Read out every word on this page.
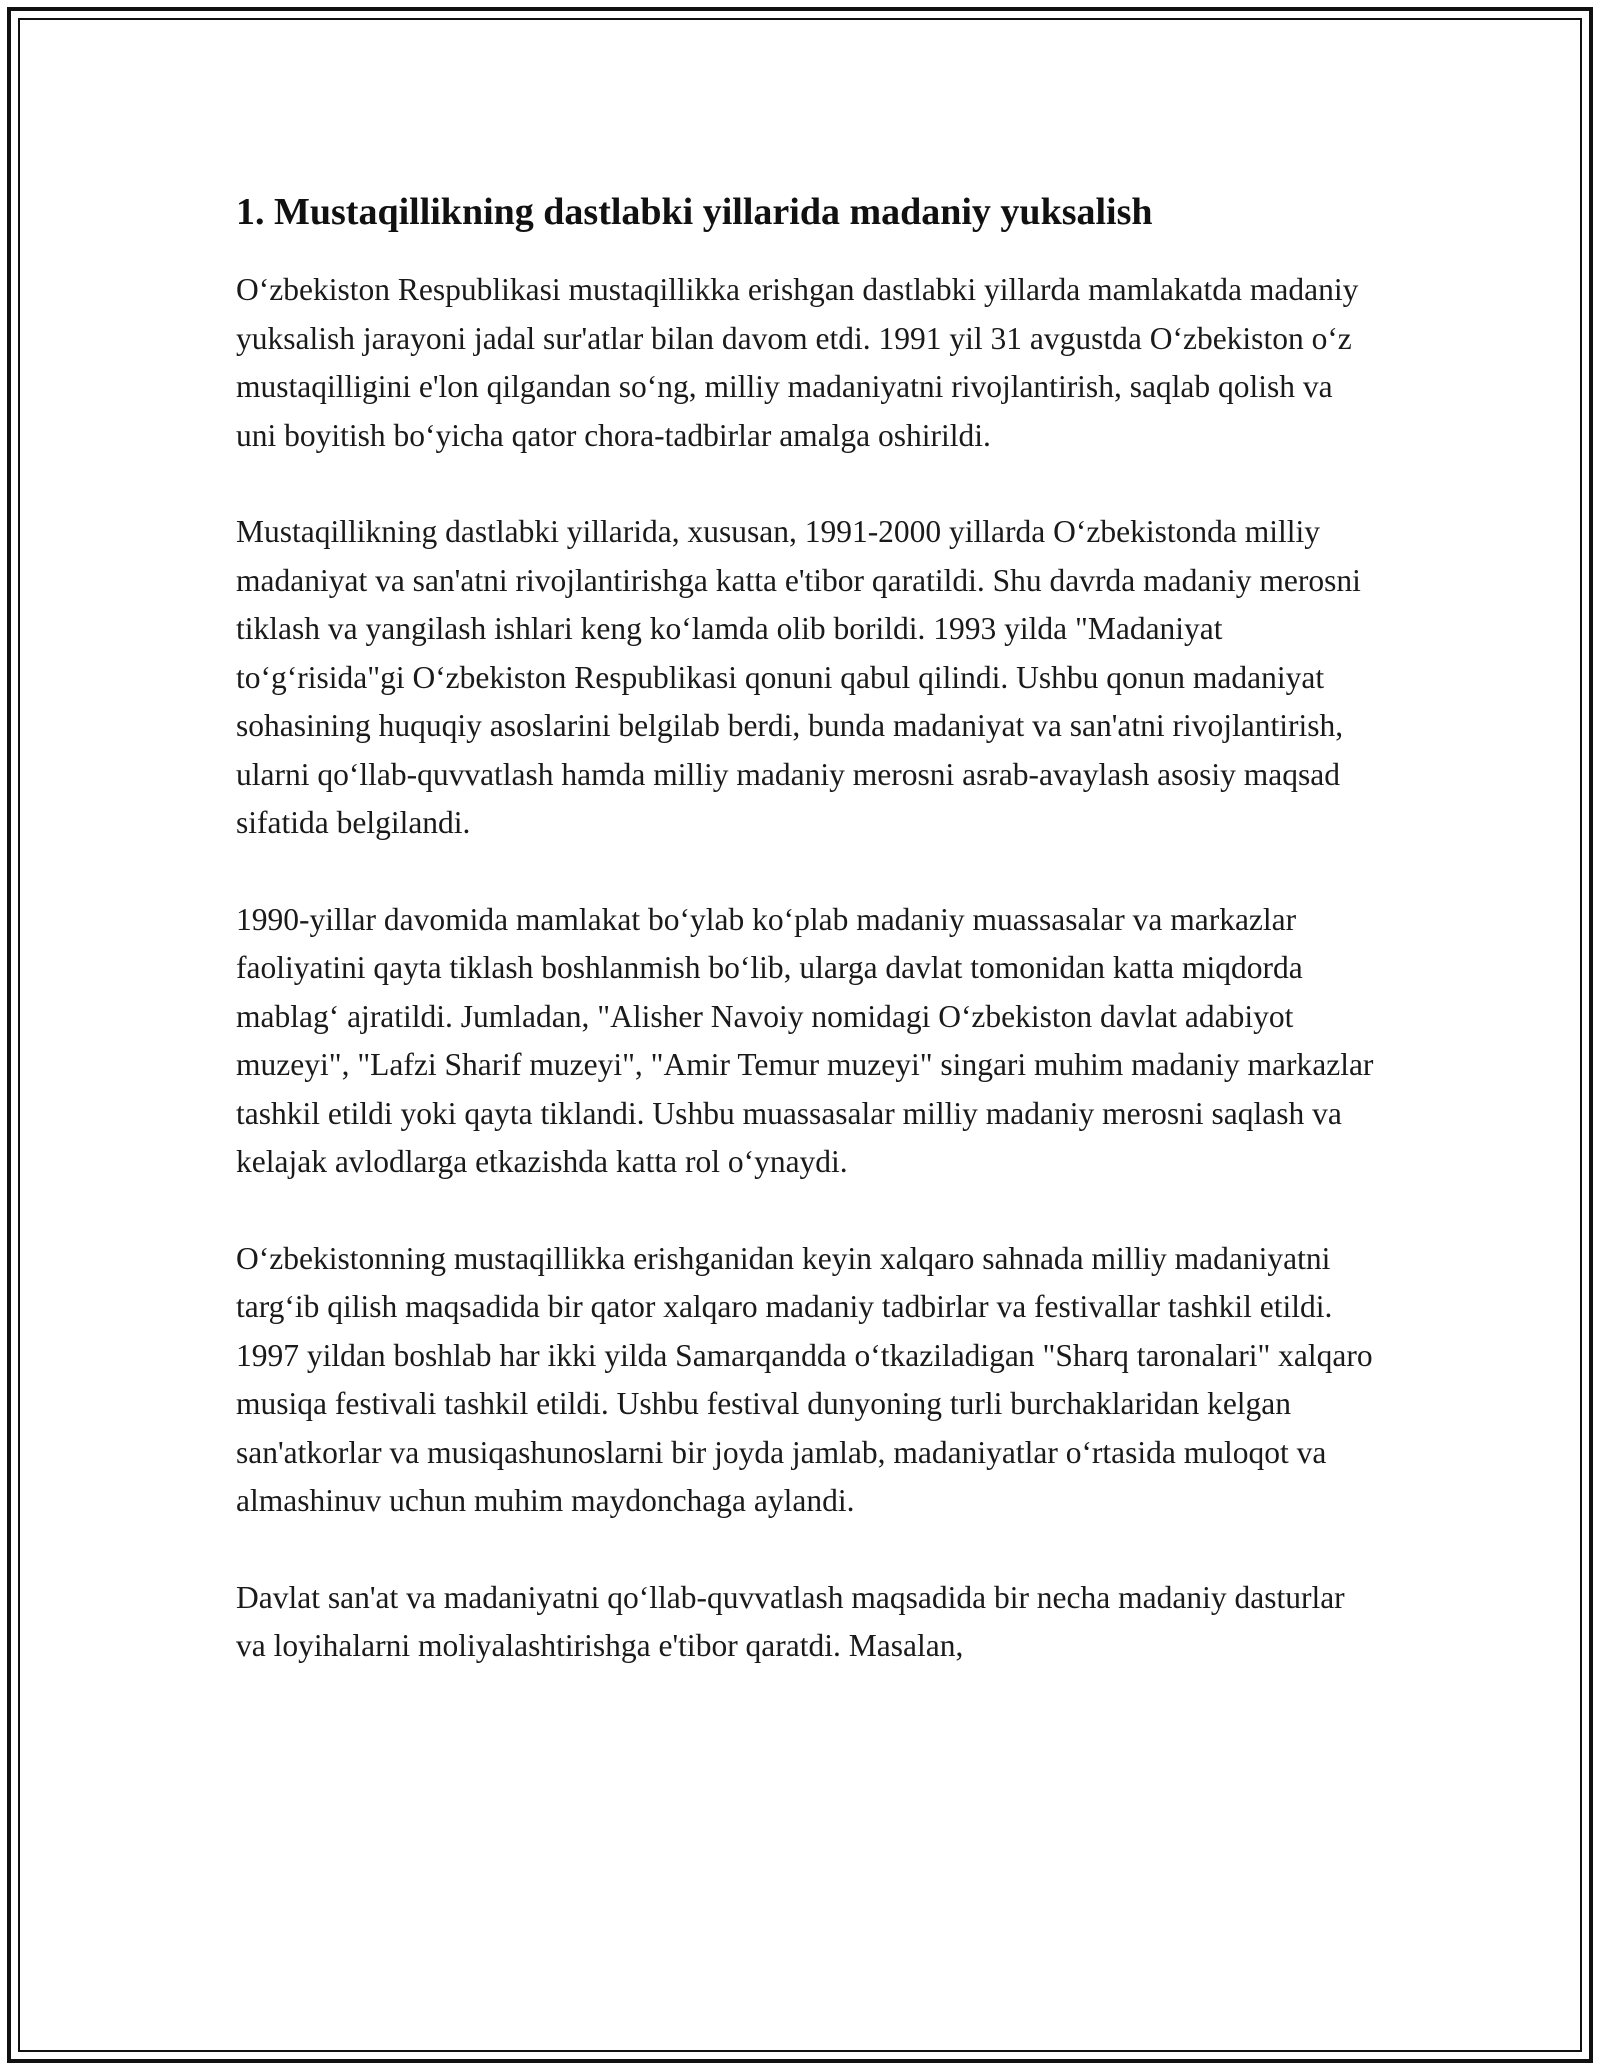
1. Mustaqillikning dastlabki yillarida madaniy yuksalish

O‘zbekiston Respublikasi mustaqillikka erishgan dastlabki yillarda mamlakatda madaniy yuksalish jarayoni jadal sur'atlar bilan davom etdi. 1991 yil 31 avgustda O‘zbekiston o‘z mustaqilligini e'lon qilgandan so‘ng, milliy madaniyatni rivojlantirish, saqlab qolish va uni boyitish bo‘yicha qator chora-tadbirlar amalga oshirildi.

Mustaqillikning dastlabki yillarida, xususan, 1991-2000 yillarda O‘zbekistonda milliy madaniyat va san'atni rivojlantirishga katta e'tibor qaratildi. Shu davrda madaniy merosni tiklash va yangilash ishlari keng ko‘lamda olib borildi. 1993 yilda "Madaniyat to‘g‘risida"gi O‘zbekiston Respublikasi qonuni qabul qilindi. Ushbu qonun madaniyat sohasining huquqiy asoslarini belgilab berdi, bunda madaniyat va san'atni rivojlantirish, ularni qo‘llab-quvvatlash hamda milliy madaniy merosni asrab-avaylash asosiy maqsad sifatida belgilandi.

1990-yillar davomida mamlakat bo‘ylab ko‘plab madaniy muassasalar va markazlar faoliyatini qayta tiklash boshlanmish bo‘lib, ularga davlat tomonidan katta miqdorda mablag‘ ajratildi. Jumladan, "Alisher Navoiy nomidagi O‘zbekiston davlat adabiyot muzeyi", "Lafzi Sharif muzeyi", "Amir Temur muzeyi" singari muhim madaniy markazlar tashkil etildi yoki qayta tiklandi. Ushbu muassasalar milliy madaniy merosni saqlash va kelajak avlodlarga etkazishda katta rol o‘ynaydi.

O‘zbekistonning mustaqillikka erishganidan keyin xalqaro sahnada milliy madaniyatni targ‘ib qilish maqsadida bir qator xalqaro madaniy tadbirlar va festivallar tashkil etildi. 1997 yildan boshlab har ikki yilda Samarqandda o‘tkaziladigan "Sharq taronalari" xalqaro musiqa festivali tashkil etildi. Ushbu festival dunyoning turli burchaklaridan kelgan san'atkorlar va musiqashunoslarni bir joyda jamlab, madaniyatlar o‘rtasida muloqot va almashinuv uchun muhim maydonchaga aylandi.

Davlat san'at va madaniyatni qo‘llab-quvvatlash maqsadida bir necha madaniy dasturlar va loyihalarni moliyalashtirishga e'tibor qaratdi. Masalan,
